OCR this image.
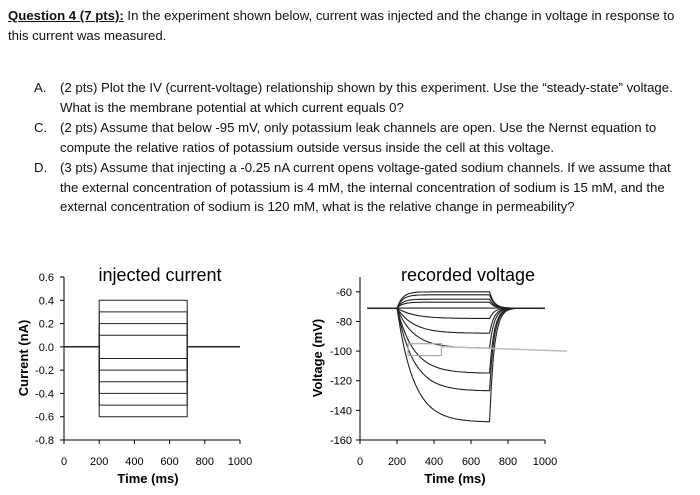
Question 4 (7 pts): In the experiment shown below, current was injected and the change in voltage in response to this current was measured.
A.	(2 pts) Plot the IV (current-voltage) relationship shown by this experiment. Use the “steady-state” voltage. What is the membrane potential at which current equals 0?
C. (2 pts) Assume that below -95 mV, only potassium leak channels are open. Use the Nernst equation to compute the relative ratios of potassium outside versus inside the cell at this voltage.
D. (3 pts) Assume that injecting a -0.25 nA current opens voltage-gated sodium channels. If we assume that the external concentration of potassium is 4 mM, the internal concentration of sodium is 15 mM, and the external concentration of sodium is 120 mM, what is the relative change in permeability?
injected current
Current (nA)
Time (ms)
0.6
0.4
0.2
0.0
-0.2
-0.4
-0.6
-0.8
0 200 400 600 800 1000
recorded voltage
Voltage (mV)
Time (ms)
-60
-80
-100
-120
-140
-160
0 200 400 600 800 1000
